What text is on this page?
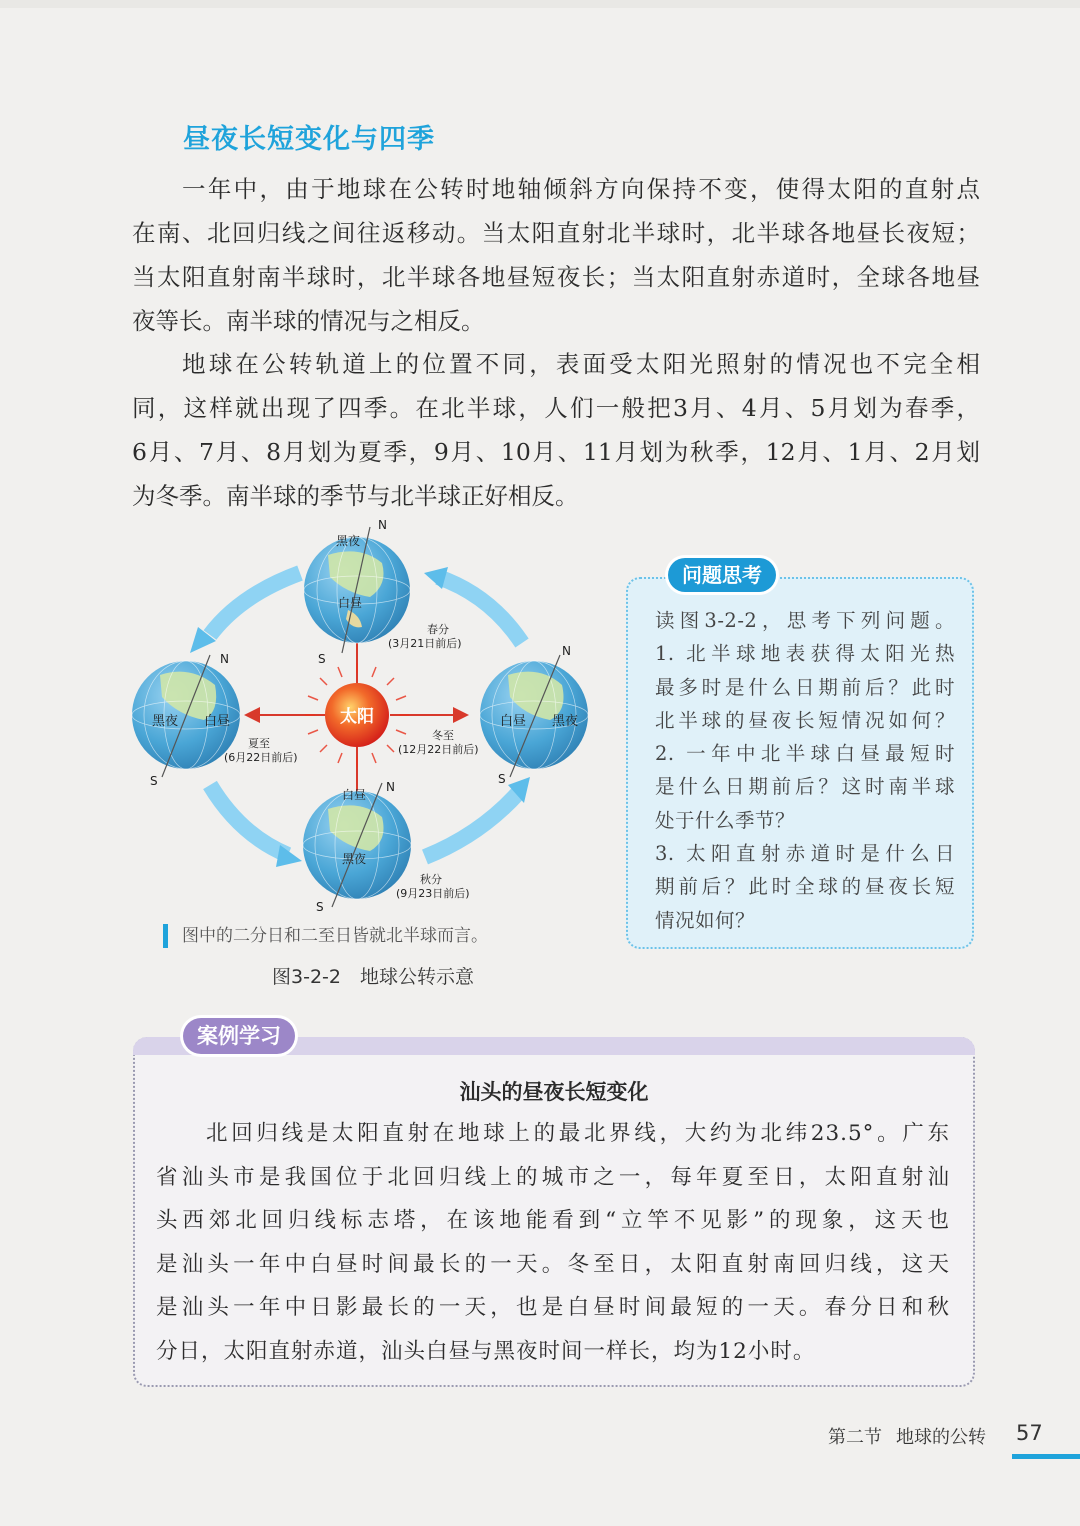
昼夜长短变化与四季
一年中，由于地球在公转时地轴倾斜方向保持不变，使得太阳的直射点
在南、北回归线之间往返移动。当太阳直射北半球时，北半球各地昼长夜短；
当太阳直射南半球时，北半球各地昼短夜长；当太阳直射赤道时，全球各地昼
夜等长。南半球的情况与之相反。
地球在公转轨道上的位置不同，表面受太阳光照射的情况也不完全相
同，这样就出现了四季。在北半球，人们一般把3月、4月、5月划为春季，
6月、7月、8月划为夏季，9月、10月、11月划为秋季，12月、1月、2月划
为冬季。南半球的季节与北半球正好相反。
太阳
黑夜
白昼
N
S
春分
(3月21日前后)
黑夜 白昼
N
S
夏至
(6月22日前后)
白昼 黑夜
N
S
冬至
(12月22日前后)
白昼
黑夜
N
S
秋分
(9月23日前后)
图中的二分日和二至日皆就北半球而言。
图3-2-2　地球公转示意
问题思考
读图3-2-2，思考下列问题。
1. 北半球地表获得太阳光热
最多时是什么日期前后？此时
北半球的昼夜长短情况如何？
2. 一年中北半球白昼最短时
是什么日期前后？这时南半球
处于什么季节？
3. 太阳直射赤道时是什么日
期前后？此时全球的昼夜长短
情况如何？
案例学习
汕头的昼夜长短变化
北回归线是太阳直射在地球上的最北界线，大约为北纬23.5°。广东
省汕头市是我国位于北回归线上的城市之一，每年夏至日，太阳直射汕
头西郊北回归线标志塔，在该地能看到“立竿不见影”的现象，这天也
是汕头一年中白昼时间最长的一天。冬至日，太阳直射南回归线，这天
是汕头一年中日影最长的一天，也是白昼时间最短的一天。春分日和秋
分日，太阳直射赤道，汕头白昼与黑夜时间一样长，均为12小时。
第二节 地球的公转 57
